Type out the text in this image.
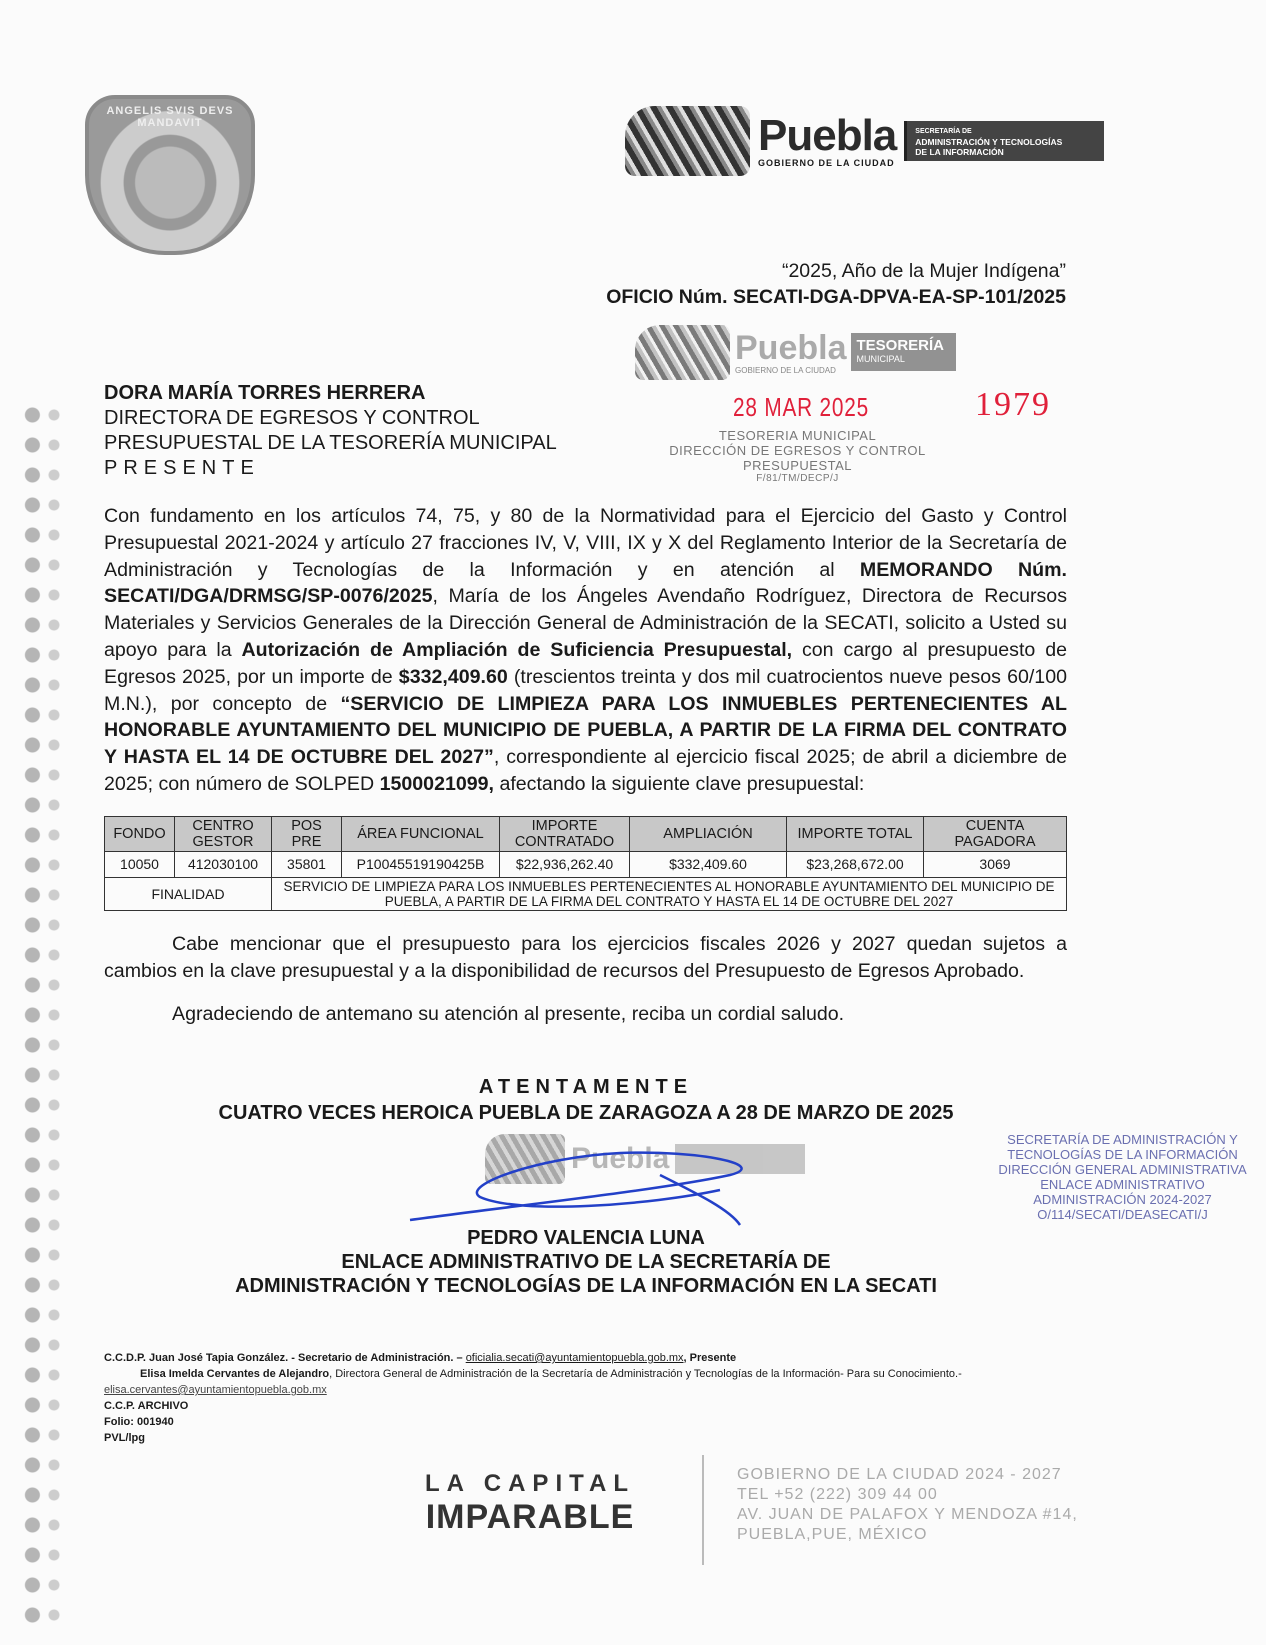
ANGELIS SVIS DEVS MANDAVIT	Puebla
GOBIERNO DE LA CIUDAD
SECRETARÍA DE
ADMINISTRACIÓN Y TECNOLOGÍAS
DE LA INFORMACIÓN
“2025, Año de la Mujer Indígena”
OFICIO Núm. SECATI-DGA-DPVA-EA-SP-101/2025
Puebla
GOBIERNO DE LA CIUDAD
TESORERÍA
MUNICIPAL
28 MAR 2025	1979
TESORERIA MUNICIPAL
DIRECCIÓN DE EGRESOS Y CONTROL
PRESUPUESTAL
F/81/TM/DECP/J
DORA MARÍA TORRES HERRERA
DIRECTORA DE EGRESOS Y CONTROL
PRESUPUESTAL DE LA TESORERÍA MUNICIPAL
PRESENTE

Con fundamento en los artículos 74, 75, y 80 de la Normatividad para el Ejercicio del Gasto y Control Presupuestal 2021-2024 y artículo 27 fracciones IV, V, VIII, IX y X del Reglamento Interior de la Secretaría de Administración y Tecnologías de la Información y en atención al MEMORANDO Núm. SECATI/DGA/DRMSG/SP-0076/2025, María de los Ángeles Avendaño Rodríguez, Directora de Recursos Materiales y Servicios Generales de la Dirección General de Administración de la SECATI, solicito a Usted su apoyo para la Autorización de Ampliación de Suficiencia Presupuestal, con cargo al presupuesto de Egresos 2025, por un importe de $332,409.60 (trescientos treinta y dos mil cuatrocientos nueve pesos 60/100 M.N.), por concepto de “SERVICIO DE LIMPIEZA PARA LOS INMUEBLES PERTENECIENTES AL HONORABLE AYUNTAMIENTO DEL MUNICIPIO DE PUEBLA, A PARTIR DE LA FIRMA DEL CONTRATO Y HASTA EL 14 DE OCTUBRE DEL 2027”, correspondiente al ejercicio fiscal 2025; de abril a diciembre de 2025; con número de SOLPED 1500021099, afectando la siguiente clave presupuestal:

FONDO	CENTRO GESTOR	POS PRE	ÁREA FUNCIONAL	IMPORTE CONTRATADO	AMPLIACIÓN	IMPORTE TOTAL	CUENTA PAGADORA
10050	412030100	35801	P10045519190425B	$22,936,262.40	$332,409.60	$23,268,672.00	3069
FINALIDAD		SERVICIO DE LIMPIEZA PARA LOS INMUEBLES PERTENECIENTES AL HONORABLE AYUNTAMIENTO DEL MUNICIPIO DE PUEBLA, A PARTIR DE LA FIRMA DEL CONTRATO Y HASTA EL 14 DE OCTUBRE DEL 2027					

Cabe mencionar que el presupuesto para los ejercicios fiscales 2026 y 2027 quedan sujetos a cambios en la clave presupuestal y a la disponibilidad de recursos del Presupuesto de Egresos Aprobado.

Agradeciendo de antemano su atención al presente, reciba un cordial saludo.

ATENTAMENTE
CUATRO VECES HEROICA PUEBLA DE ZARAGOZA A 28 DE MARZO DE 2025
Puebla
SECRETARÍA DE ADMINISTRACIÓN Y
TECNOLOGÍAS DE LA INFORMACIÓN
DIRECCIÓN GENERAL ADMINISTRATIVA
ENLACE ADMINISTRATIVO
ADMINISTRACIÓN 2024-2027
O/114/SECATI/DEASECATI/J
PEDRO VALENCIA LUNA
ENLACE ADMINISTRATIVO DE LA SECRETARÍA DE
ADMINISTRACIÓN Y TECNOLOGÍAS DE LA INFORMACIÓN EN LA SECATI
C.C.D.P. Juan José Tapia González. - Secretario de Administración. – oficialia.secati@ayuntamientopuebla.gob.mx, Presente
Elisa Imelda Cervantes de Alejandro, Directora General de Administración de la Secretaría de Administración y Tecnologías de la Información- Para su Conocimiento.-
elisa.cervantes@ayuntamientopuebla.gob.mx
C.C.P. ARCHIVO
Folio: 001940
PVL/lpg
LA CAPITAL
IMPARABLE
GOBIERNO DE LA CIUDAD 2024 - 2027
TEL +52 (222) 309 44 00
AV. JUAN DE PALAFOX Y MENDOZA #14,
PUEBLA,PUE, MÉXICO
